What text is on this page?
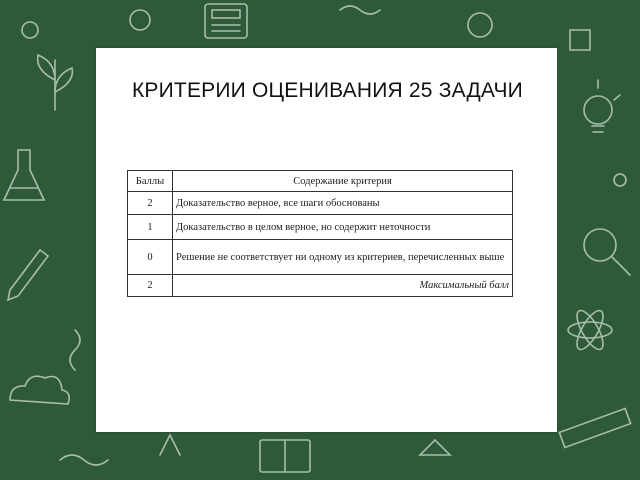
КРИТЕРИИ ОЦЕНИВАНИЯ 25 ЗАДАЧИ
Баллы	Содержание критерия
2	Доказательство верное, все шаги обоснованы
1	Доказательство в целом верное, но содержит неточности
0	Решение не соответствует ни одному из критериев, перечисленных выше
2	Максимальный балл
